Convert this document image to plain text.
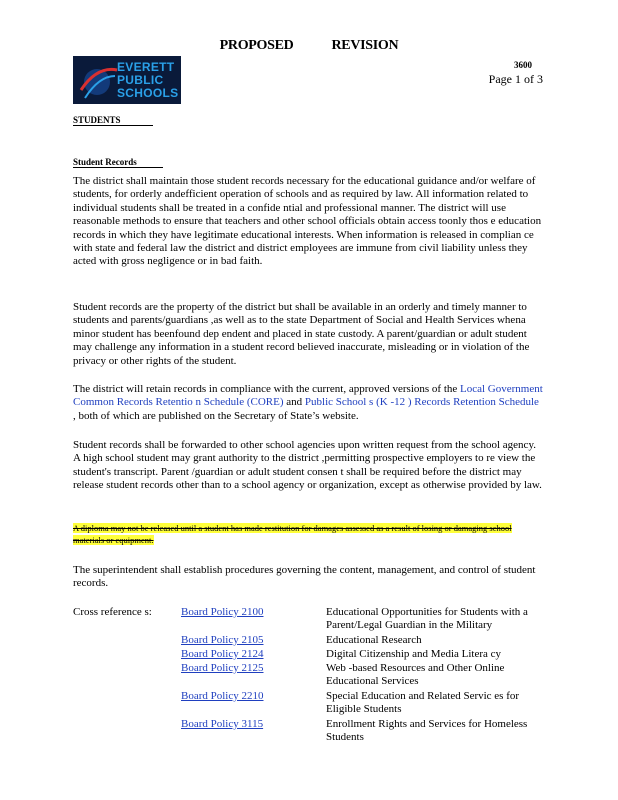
PROPOSED	REVISION
EVERETT
PUBLIC
SCHOOLS
3600
Page 1 of 3
STUDENTS
Student Records
The district shall maintain those student records necessary for the educational guidance and/or welfare of students, for orderly andefficient operation of schools and as required by law. All information related to individual students shall be treated in a confide ntial and professional manner. The district will use reasonable methods to ensure that teachers and other school officials obtain access toonly thos e education records in which they have legitimate educational interests. When information is released in complian ce with state and federal law the district and district employees are immune from civil liability unless they acted with gross negligence or in bad faith.
Student records are the property of the district but shall be available in an orderly and timely manner to students and parents/guardians ,as well as to the state Department of Social and Health Services whena minor student has beenfound dep endent and placed in state custody. A parent/guardian or adult student may challenge any information in a student record believed inaccurate, misleading or in violation of the privacy or other rights of the student.
The district will retain records in compliance with the current, approved versions of the Local Government Common Records Retentio n Schedule (CORE) and Public School s (K -12 ) Records Retention Schedule , both of which are published on the Secretary of State’s website.
Student records shall be forwarded to other school agencies upon written request from the school agency. A high school student may grant authority to the district ,permitting prospective employers to re view the student's transcript. Parent /guardian or adult student consen t shall be required before the district may release student records other than to a school agency or organization, except as otherwise provided by law.
A diploma may not be released until a student has made restitution for damages assessed as a result of losing or damaging school materials or equipment.
The superintendent shall establish procedures governing the content, management, and control of student records.
Cross reference s:	Board Policy 2100	Educational Opportunities for Students with a Parent/Legal Guardian in the Military
Board Policy 2105	Educational Research
Board Policy 2124	Digital Citizenship and Media Litera cy
Board Policy 2125	Web -based Resources and Other Online Educational Services
Board Policy 2210	Special Education and Related Servic es for Eligible Students
Board Policy 3115	Enrollment Rights and Services for Homeless Students
